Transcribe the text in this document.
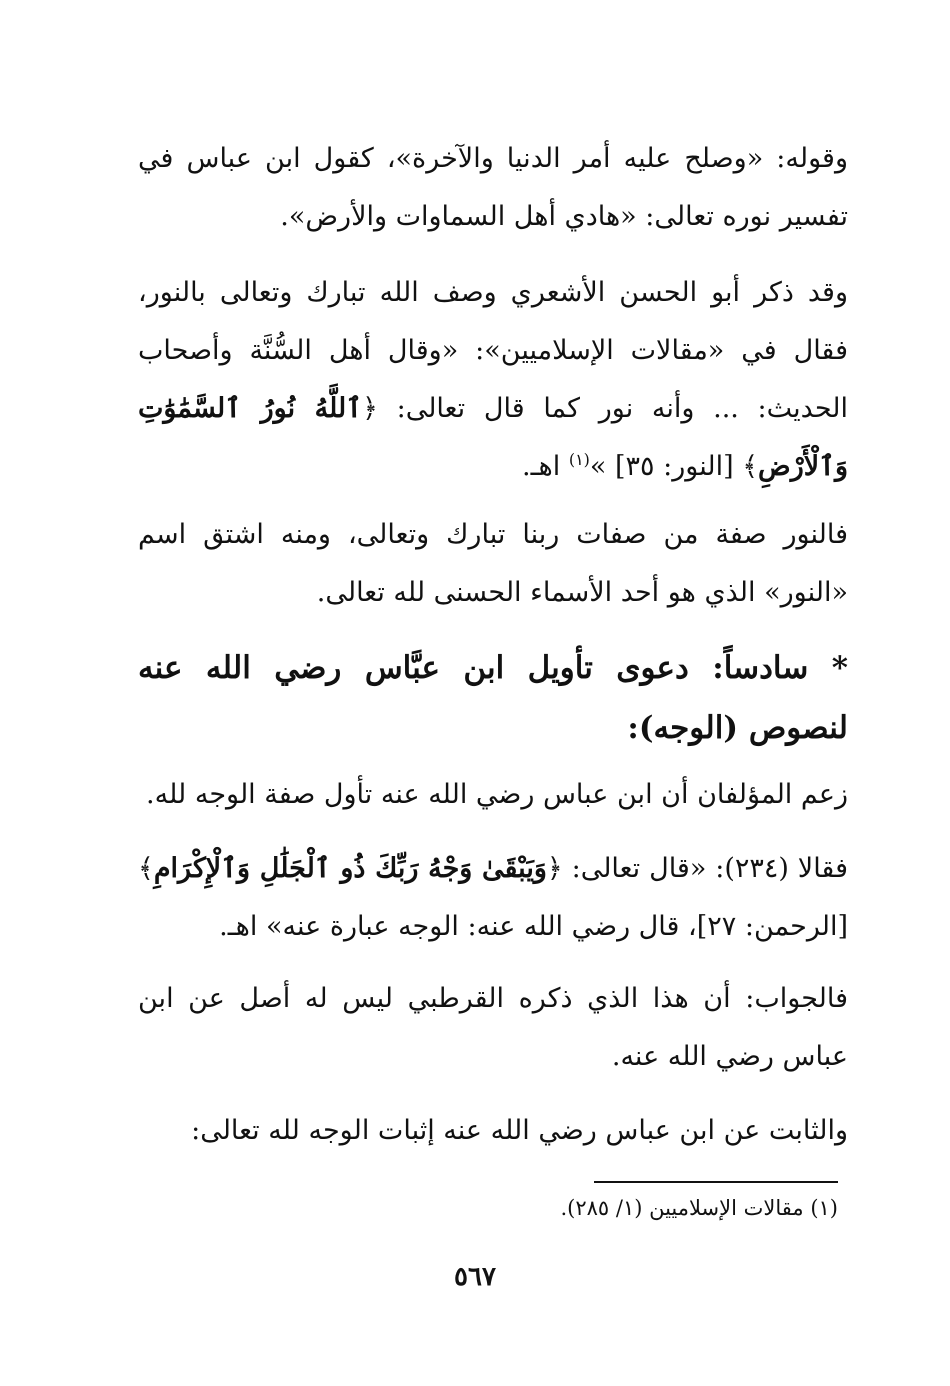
وقوله: «وصلح عليه أمر الدنيا والآخرة»، كقول ابن عباس في تفسير نوره تعالى: «هادي أهل السماوات والأرض».

وقد ذكر أبو الحسن الأشعري وصف الله تبارك وتعالى بالنور، فقال في «مقالات الإسلاميين»: «وقال أهل السُّنَّة وأصحاب الحديث: ... وأنه نور كما قال تعالى: ﴿ٱللَّهُ نُورُ ٱلسَّمَٰوَٰتِ وَٱلْأَرْضِ﴾ [النور: ٣٥] »$^{(١)}$ اهـ.

فالنور صفة من صفات ربنا تبارك وتعالى، ومنه اشتق اسم «النور» الذي هو أحد الأسماء الحسنى لله تعالى.

* سادساً: دعوى تأويل ابن عبَّاس رضي الله عنه لنصوص (الوجه):

زعم المؤلفان أن ابن عباس رضي الله عنه تأول صفة الوجه لله.

فقالا (٢٣٤): «قال تعالى: ﴿وَيَبْقَىٰ وَجْهُ رَبِّكَ ذُو ٱلْجَلَٰلِ وَٱلْإِكْرَامِ﴾ [الرحمن: ٢٧]، قال رضي الله عنه: الوجه عبارة عنه» اهـ.

فالجواب: أن هذا الذي ذكره القرطبي ليس له أصل عن ابن عباس رضي الله عنه.

والثابت عن ابن عباس رضي الله عنه إثبات الوجه لله تعالى:

(١) مقالات الإسلاميين (١/ ٢٨٥).

٥٦٧
